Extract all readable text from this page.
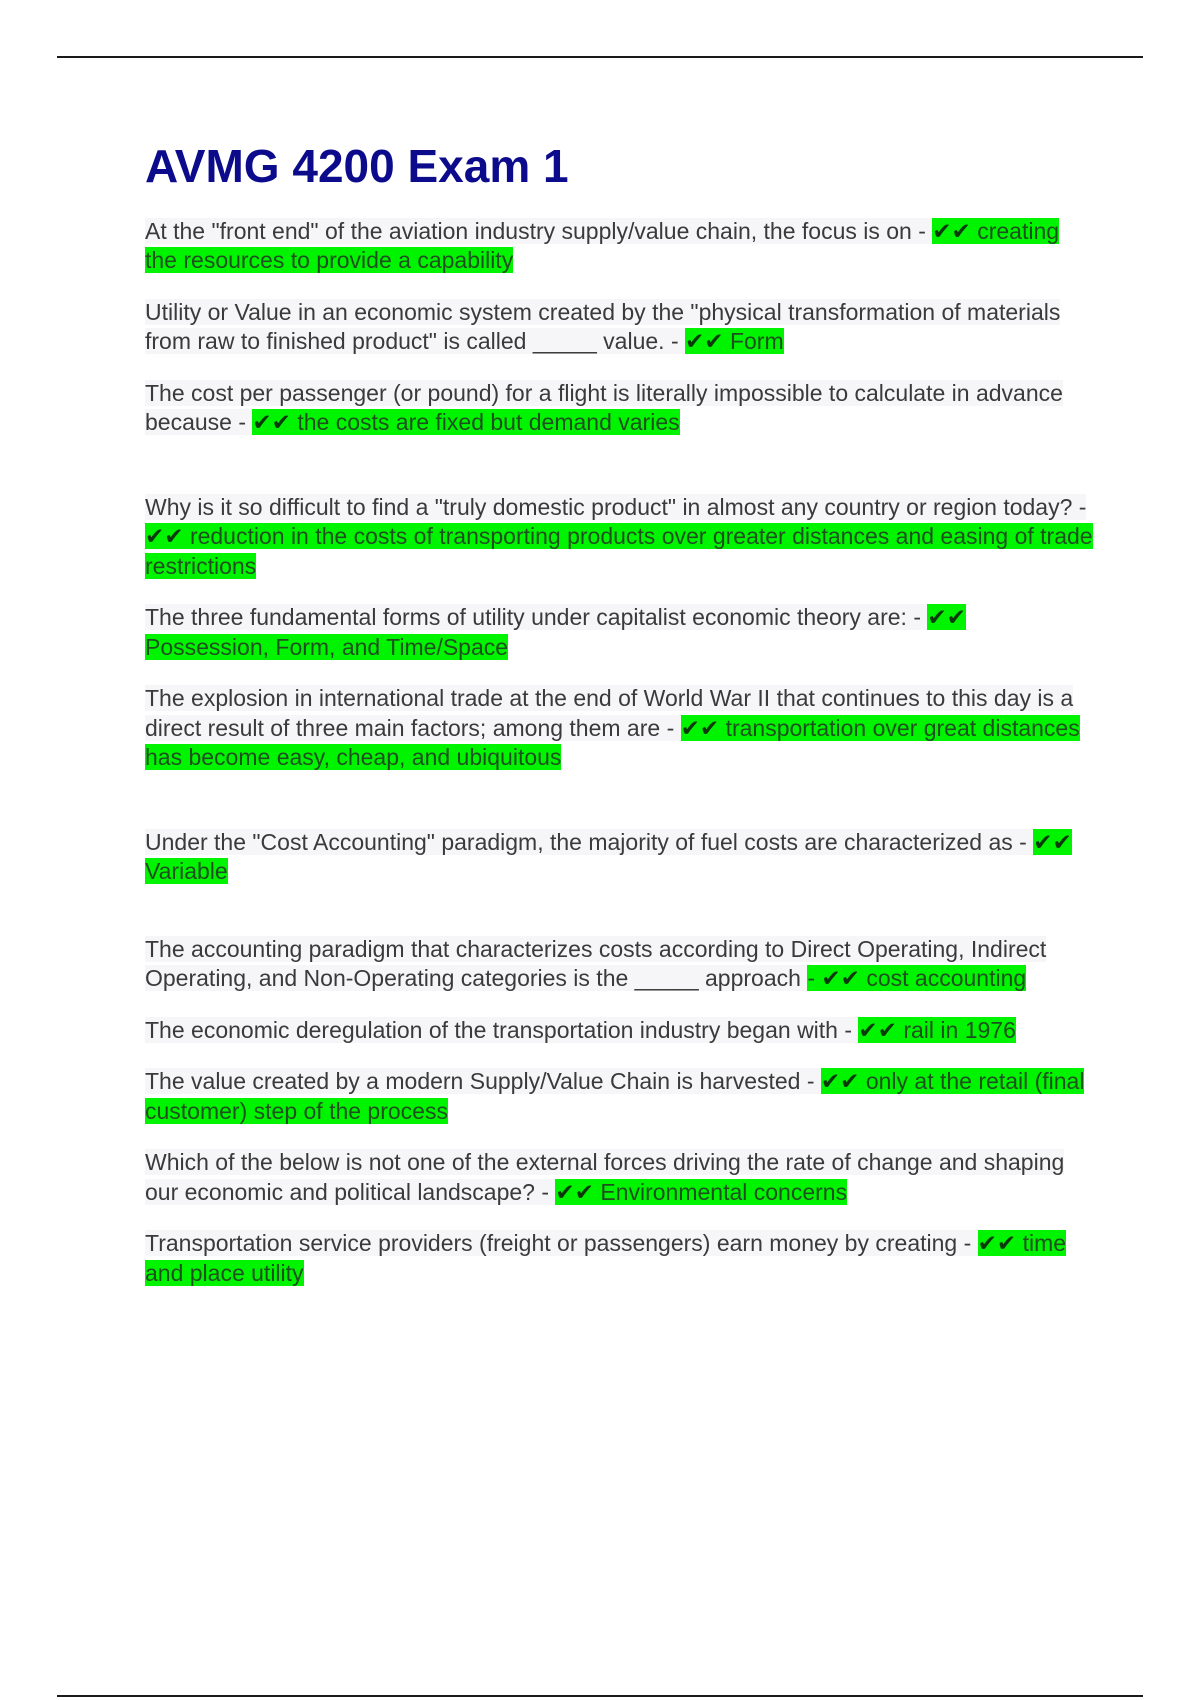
AVMG 4200 Exam 1

At the "front end" of the aviation industry supply/value chain, the focus is on - ✔✔ creating the resources to provide a capability

Utility or Value in an economic system created by the "physical transformation of materials from raw to finished product" is called _____ value. - ✔✔ Form

The cost per passenger (or pound) for a flight is literally impossible to calculate in advance because - ✔✔ the costs are fixed but demand varies

Why is it so difficult to find a "truly domestic product" in almost any country or region today? - ✔✔ reduction in the costs of transporting products over greater distances and easing of trade restrictions

The three fundamental forms of utility under capitalist economic theory are: - ✔✔ Possession, Form, and Time/Space

The explosion in international trade at the end of World War II that continues to this day is a direct result of three main factors; among them are - ✔✔ transportation over great distances has become easy, cheap, and ubiquitous

Under the "Cost Accounting" paradigm, the majority of fuel costs are characterized as - ✔✔ Variable

The accounting paradigm that characterizes costs according to Direct Operating, Indirect Operating, and Non-Operating categories is the _____ approach - ✔✔ cost accounting

The economic deregulation of the transportation industry began with - ✔✔ rail in 1976

The value created by a modern Supply/Value Chain is harvested - ✔✔ only at the retail (final customer) step of the process

Which of the below is not one of the external forces driving the rate of change and shaping our economic and political landscape? - ✔✔ Environmental concerns

Transportation service providers (freight or passengers) earn money by creating - ✔✔ time and place utility
